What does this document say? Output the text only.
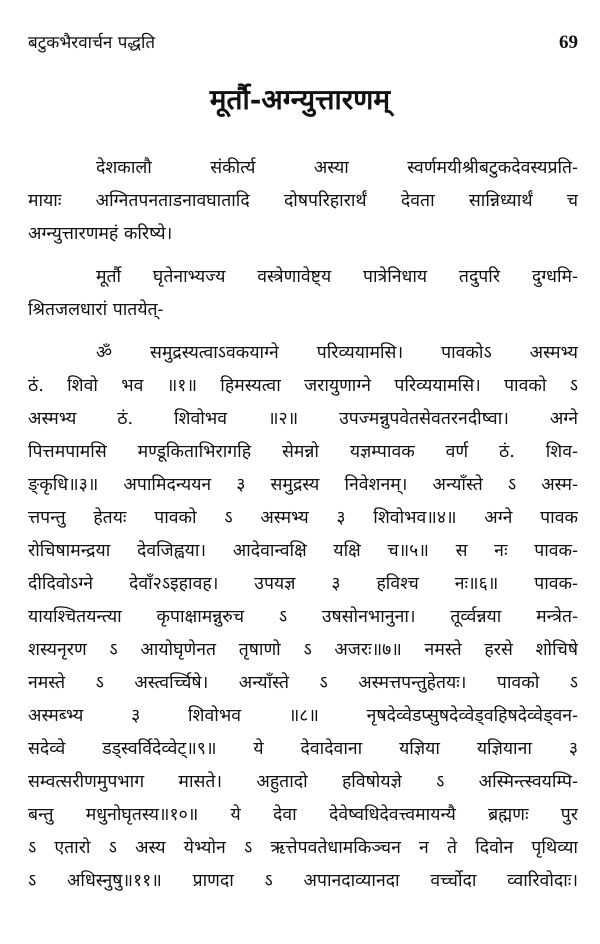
बटुकभैरवार्चन पद्धति	69
मूर्तौ-अग्न्युत्तारणम्
देशकालौ संकीर्त्य अस्या स्वर्णमयीश्रीबटुकदेवस्यप्रति-
मायाः अग्नितपनताडनावघातादि दोषपरिहारार्थं देवता सान्निध्यार्थं च
अग्न्युत्तारणमहं करिष्ये।
मूर्तौ घृतेनाभ्यज्य वस्त्रेणावेष्ट्य पात्रेनिधाय तदुपरि दुग्धमि-
श्रितजलधारां पातयेत्-
ॐ समुद्रस्यत्वाऽवकयाग्ने परिव्ययामसि। पावकोऽ अस्मभ्य
ठं. शिवो भव ॥१॥ हिमस्यत्वा जरायुणाग्ने परिव्ययामसि। पावको ऽ
अस्मभ्य ठं. शिवोभव ॥२॥ उपज्मन्नुपवेतसेवतरनदीष्वा। अग्ने
पित्तमपामसि मण्डूकिताभिरागहि सेमन्नो यज्ञम्पावक वर्ण ठं. शिव-
ङ्कृधि॥३॥ अपामिदन्ययन ३ समुद्रस्य निवेशनम्। अन्यॉंस्ते ऽ अस्म-
त्तपन्तु हेतयः पावको ऽ अस्मभ्य ३ शिवोभव॥४॥ अग्ने पावक
रोचिषामन्द्रया देवजिह्वया। आदेवान्वक्षि यक्षि च॥५॥ स नः पावक-
दीदिवोऽग्ने देवाँ२ऽइहावह। उपयज्ञ ३ हविश्च नः॥६॥ पावक-
यायश्चितयन्त्या कृपाक्षामन्नुरुच ऽ उषसोनभानुना। तूर्व्वन्नया मन्त्रेत-
शस्यनृरण ऽ आयोघृणेनत तृषाणो ऽ अजरः॥७॥ नमस्ते हरसे शोचिषे
नमस्ते ऽ अस्त्वर्च्चिषे। अन्यॉंस्ते ऽ अस्मत्तपन्तुहेतयः। पावको ऽ
अस्मब्भ्य ३ शिवोभव ॥८॥ नृषदेव्वेडप्सुषदेव्वेड्वहिषदेव्वेड्वन-
सदेव्वे डड्स्वर्विदेव्वेट्॥९॥ ये देवादेवाना यज्ञिया यज्ञियाना ३
सम्वत्सरीणमुपभाग मासते। अहुतादो हविषोयज्ञे ऽ अस्मिन्त्स्वयम्पि-
बन्तु मधुनोघृतस्य॥१०॥ ये देवा देवेष्वधिदेवत्त्वमायन्यै ब्रह्मणः पुर
ऽ एतारो ऽ अस्य येभ्योन ऽ ऋत्तेपवतेधामकिञ्चन न ते दिवोन पृथिव्या
ऽ अधिस्नुषु॥११॥ प्राणदा ऽ अपानदाव्यानदा वर्च्चोदा व्वारिवोदाः।
